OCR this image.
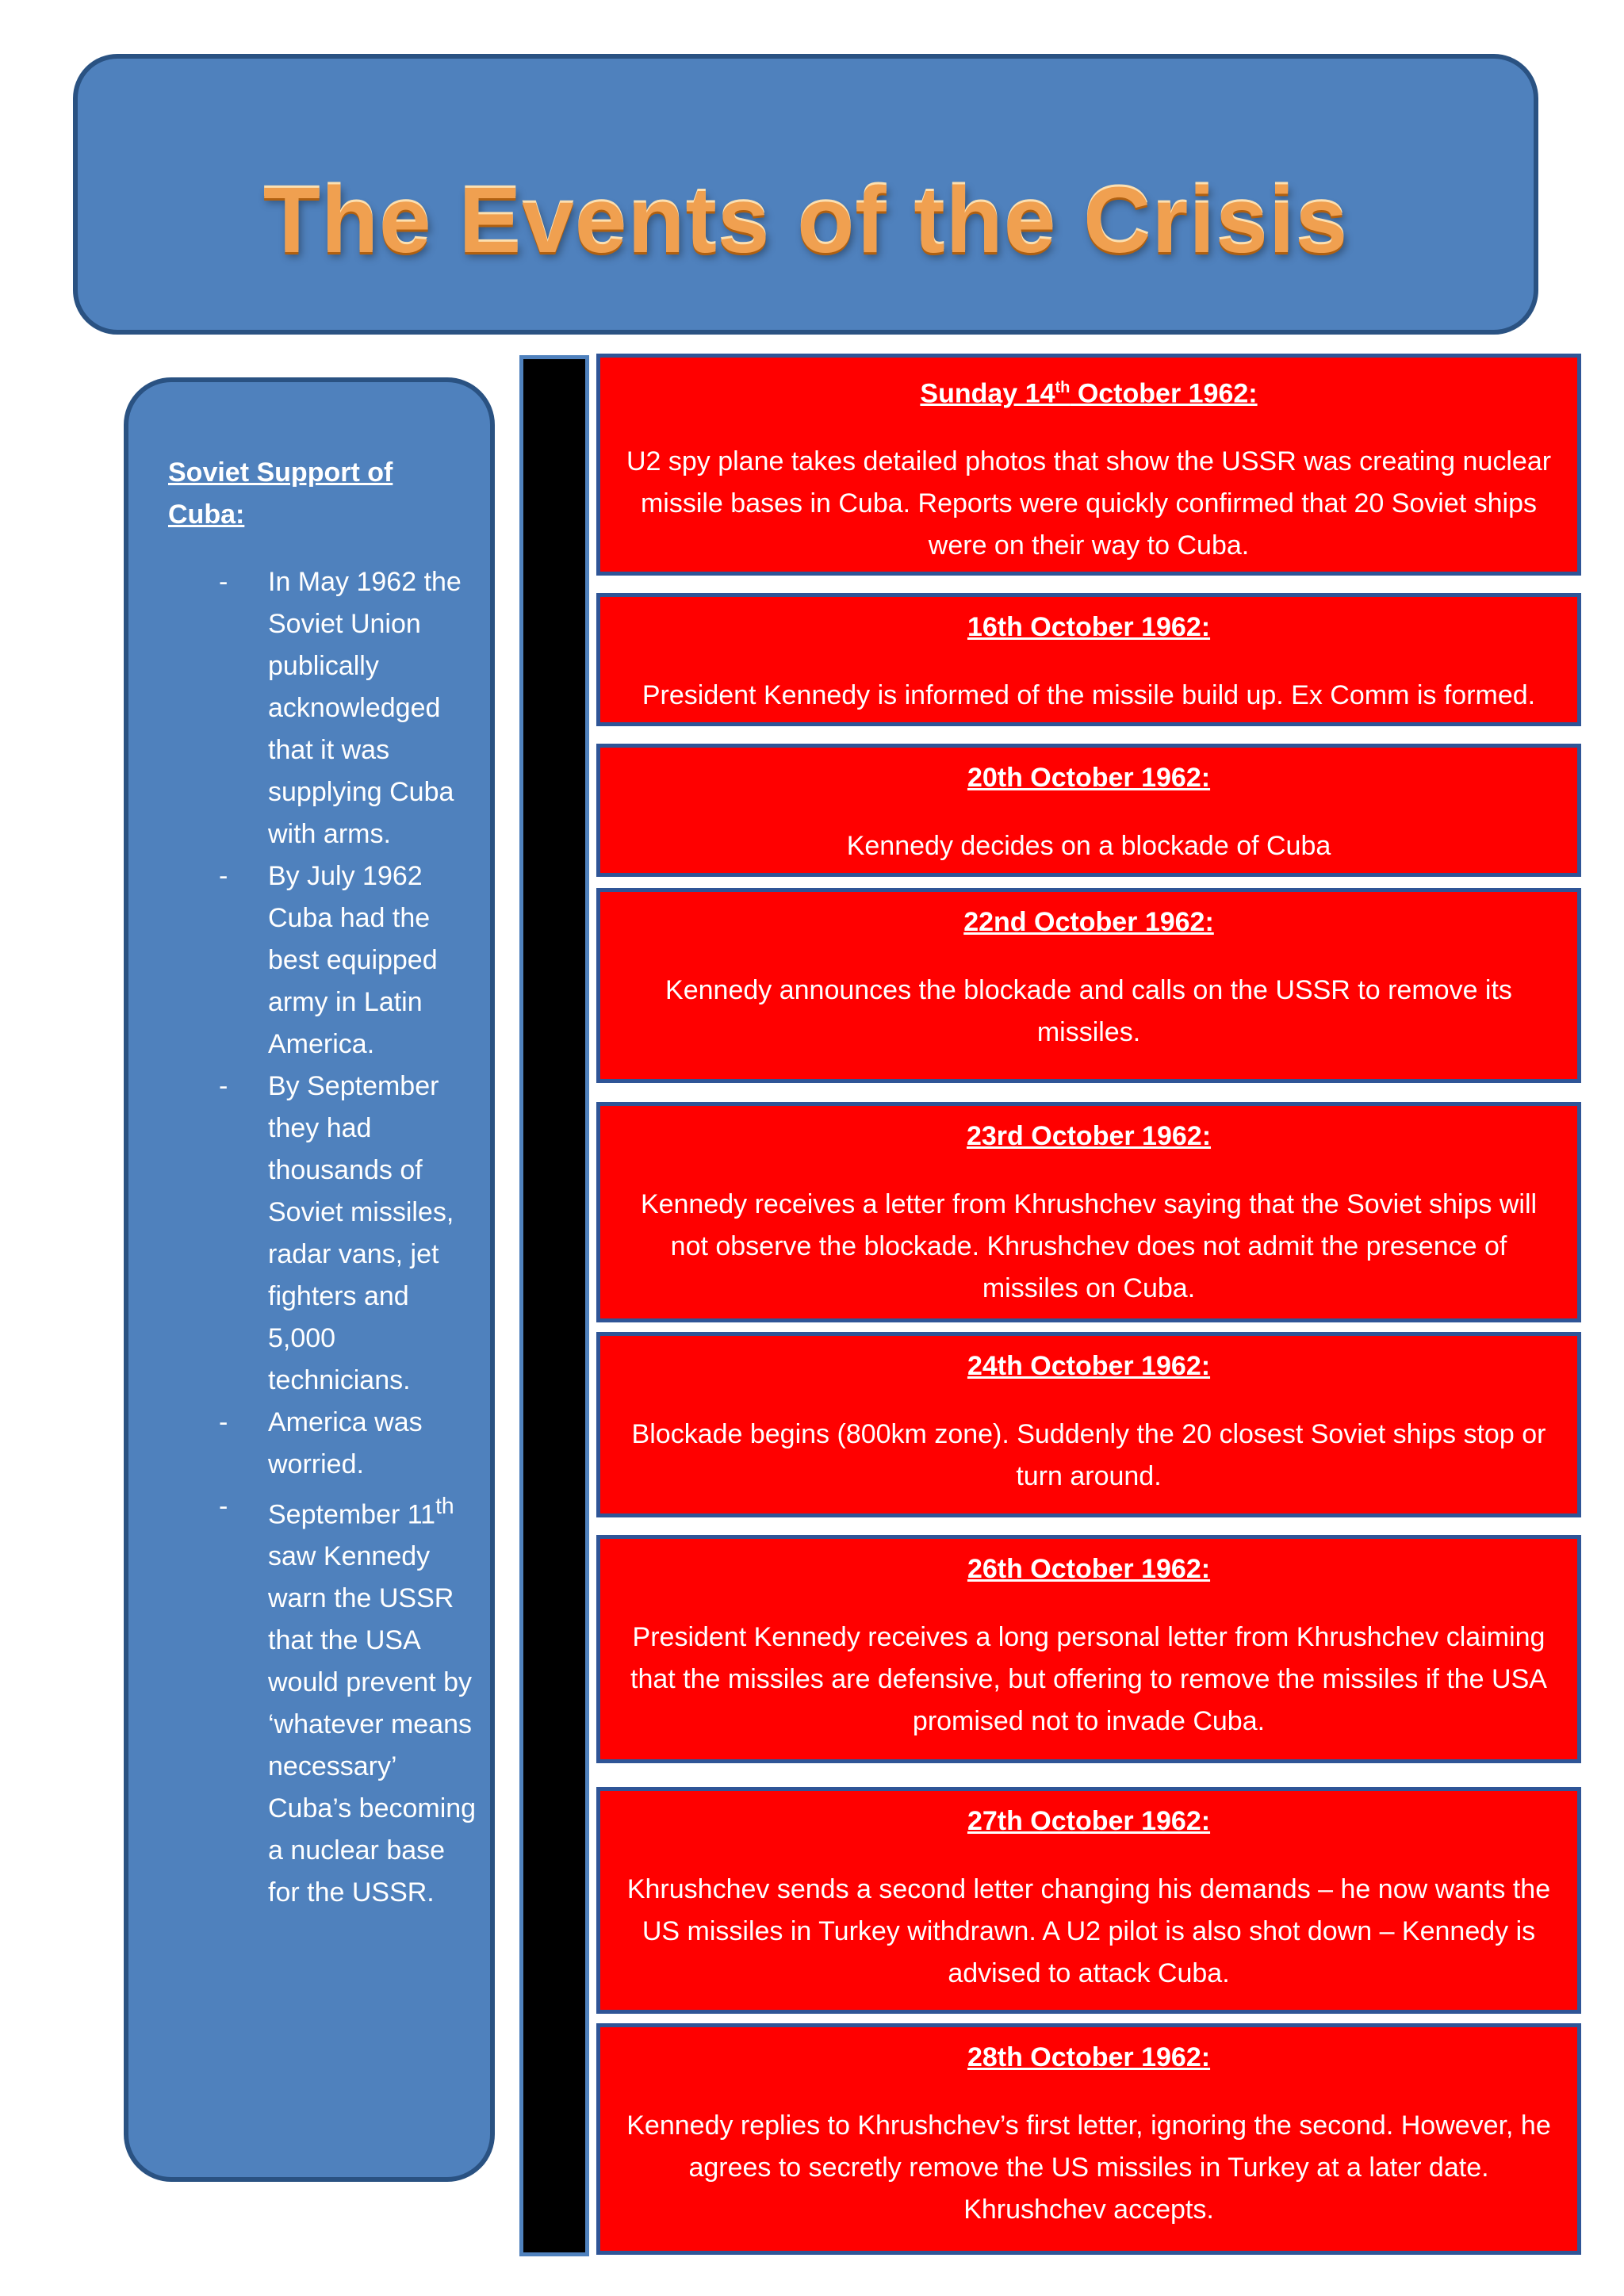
The Events of the Crisis
Soviet Support of Cuba:
- In May 1962 the Soviet Union publically acknowledged that it was supplying Cuba with arms.
- By July 1962 Cuba had the best equipped army in Latin America.
- By September they had thousands of Soviet missiles, radar vans, jet fighters and 5,000 technicians.
- America was worried.
- September 11th saw Kennedy warn the USSR that the USA would prevent by ‘whatever means necessary’ Cuba’s becoming a nuclear base for the USSR.
Sunday 14th October 1962:
U2 spy plane takes detailed photos that show the USSR was creating nuclear missile bases in Cuba. Reports were quickly confirmed that 20 Soviet ships were on their way to Cuba.
16th October 1962:
President Kennedy is informed of the missile build up. Ex Comm is formed.
20th October 1962:
Kennedy decides on a blockade of Cuba
22nd October 1962:
Kennedy announces the blockade and calls on the USSR to remove its missiles.
23rd October 1962:
Kennedy receives a letter from Khrushchev saying that the Soviet ships will not observe the blockade. Khrushchev does not admit the presence of missiles on Cuba.
24th October 1962:
Blockade begins (800km zone). Suddenly the 20 closest Soviet ships stop or turn around.
26th October 1962:
President Kennedy receives a long personal letter from Khrushchev claiming that the missiles are defensive, but offering to remove the missiles if the USA promised not to invade Cuba.
27th October 1962:
Khrushchev sends a second letter changing his demands – he now wants the US missiles in Turkey withdrawn. A U2 pilot is also shot down – Kennedy is advised to attack Cuba.
28th October 1962:
Kennedy replies to Khrushchev’s first letter, ignoring the second. However, he agrees to secretly remove the US missiles in Turkey at a later date. Khrushchev accepts.
